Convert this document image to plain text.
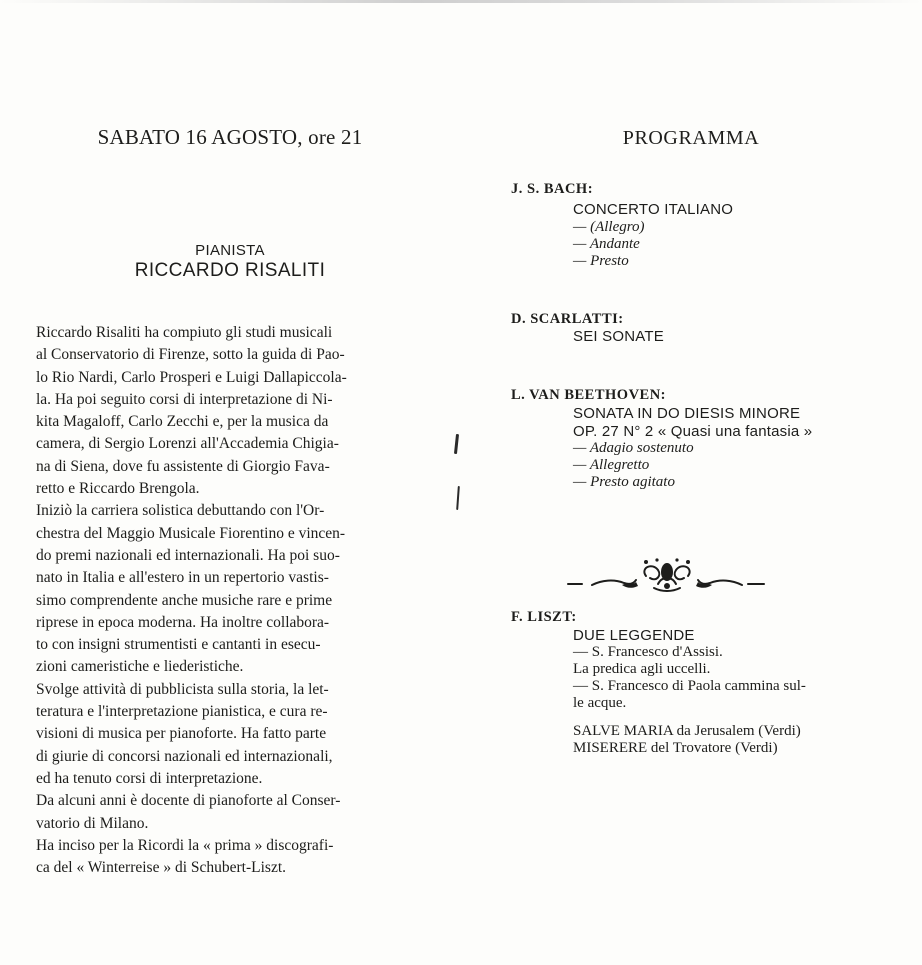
SABATO 16 AGOSTO, ore 21
PIANISTA
RICCARDO RISALITI
Riccardo Risaliti ha compiuto gli studi musicali
al Conservatorio di Firenze, sotto la guida di Pao-
lo Rio Nardi, Carlo Prosperi e Luigi Dallapiccola-
la. Ha poi seguito corsi di interpretazione di Ni-
kita Magaloff, Carlo Zecchi e, per la musica da
camera, di Sergio Lorenzi all'Accademia Chigia-
na di Siena, dove fu assistente di Giorgio Fava-
retto e Riccardo Brengola.
Iniziò la carriera solistica debuttando con l'Or-
chestra del Maggio Musicale Fiorentino e vincen-
do premi nazionali ed internazionali. Ha poi suo-
nato in Italia e all'estero in un repertorio vastis-
simo comprendente anche musiche rare e prime
riprese in epoca moderna. Ha inoltre collabora-
to con insigni strumentisti e cantanti in esecu-
zioni cameristiche e liederistiche.
Svolge attività di pubblicista sulla storia, la let-
teratura e l'interpretazione pianistica, e cura re-
visioni di musica per pianoforte. Ha fatto parte
di giurie di concorsi nazionali ed internazionali,
ed ha tenuto corsi di interpretazione.
Da alcuni anni è docente di pianoforte al Conser-
vatorio di Milano.
Ha inciso per la Ricordi la « prima » discografi-
ca del « Winterreise » di Schubert-Liszt.
PROGRAMMA
J. S. BACH:
CONCERTO ITALIANO
— (Allegro)
— Andante
— Presto
D. SCARLATTI:
SEI SONATE
L. VAN BEETHOVEN:
SONATA IN DO DIESIS MINORE
OP. 27 N° 2 « Quasi una fantasia »
— Adagio sostenuto
— Allegretto
— Presto agitato
F. LISZT:
DUE LEGGENDE
— S. Francesco d'Assisi.
La predica agli uccelli.
— S. Francesco di Paola cammina sul-
le acque.
SALVE MARIA da Jerusalem (Verdi)
MISERERE del Trovatore (Verdi)
